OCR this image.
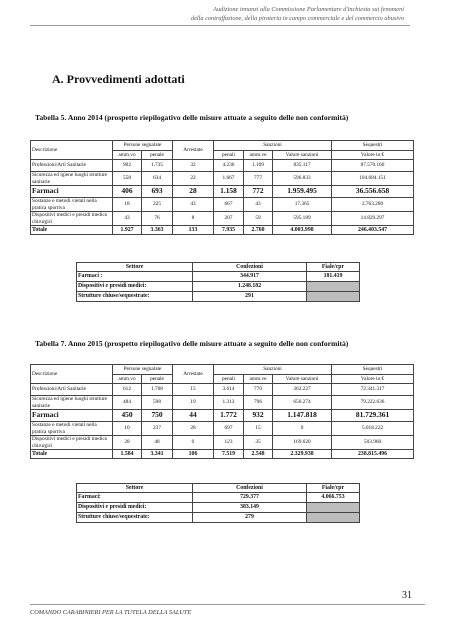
Audizione innanzi alla Commissione Parlamentare d'inchiesta sui fenomeni
della contraffazione, della pirateria in campo commerciale e del commercio abusivo
A. Provvedimenti adottati
Tabella 5. Anno 2014 (prospetto riepilogativo delle misure attuate a seguito delle non conformità)
Descrizione	Persone segnalate		Arrestate	Sanzioni			Sequestri
	amm.vo	penale		penali	amm.ve	Valore sanzioni	Valore in €
Professioni/Arti Sanitarie	902	1.735	32	4.236	1.109	835.117	87.570.160
Sicurezza ed igiene luoghi strutture sanitarie	558	634	22	1.667	777	596.833	104.684.151
Farmaci	406	693	28	1.158	772	1.959.495	36.556.658
Sostanze e metodi vietati nella pratica sportiva	18	225	43	667	43	17.365	2.763.280
Dispositivi medici e presidi medico chirurgici	43	76	8	207	59	595.189	14.829.297
Totale	1.927	3.363	133	7.935	2.760	4.003.998	246.403.547
Settore	Confezioni	Fiale/cpr
Farmaci :	344.917	181.419
Dispositivi e presidi medici:	1.248.182	
Strutture chiuse/sequestrate:	291	
Tabella 7. Anno 2015 (prospetto riepilogativo delle misure attuate a seguito delle non conformità)
Descrizione	Persone segnalate		Arrestate	Sanzioni			Sequestri
	amm.vo	penale		penali	amm.ve	Valore sanzioni	Valore in €
Professioni/Arti Sanitarie	612	1.708	15	3.614	770	362.227	72.341.317
Sicurezza ed igiene luoghi strutture sanitarie	484	598	19	1.313	796	650.274	79.222.636
Farmaci	450	750	44	1.772	932	1.147.818	81.729.361
Sostanze e metodi vietati nella pratica sportiva	10	237	28	697	15	0	5.018.222
Dispositivi medici e presidi medico chirurgici	28	48	0	123	35	169.620	503.960
Totale	1.584	3.341	106	7.519	2.548	2.329.938	238.815.496
Settore	Confezioni	Fiale/cpr
Farmaci:	729.377	4.066.753
Dispositivi e presidi medici:	383.149	
Strutture chiuse/sequestrate:	279	
31
COMANDO CARABINIERI PER LA TUTELA DELLA SALUTE
